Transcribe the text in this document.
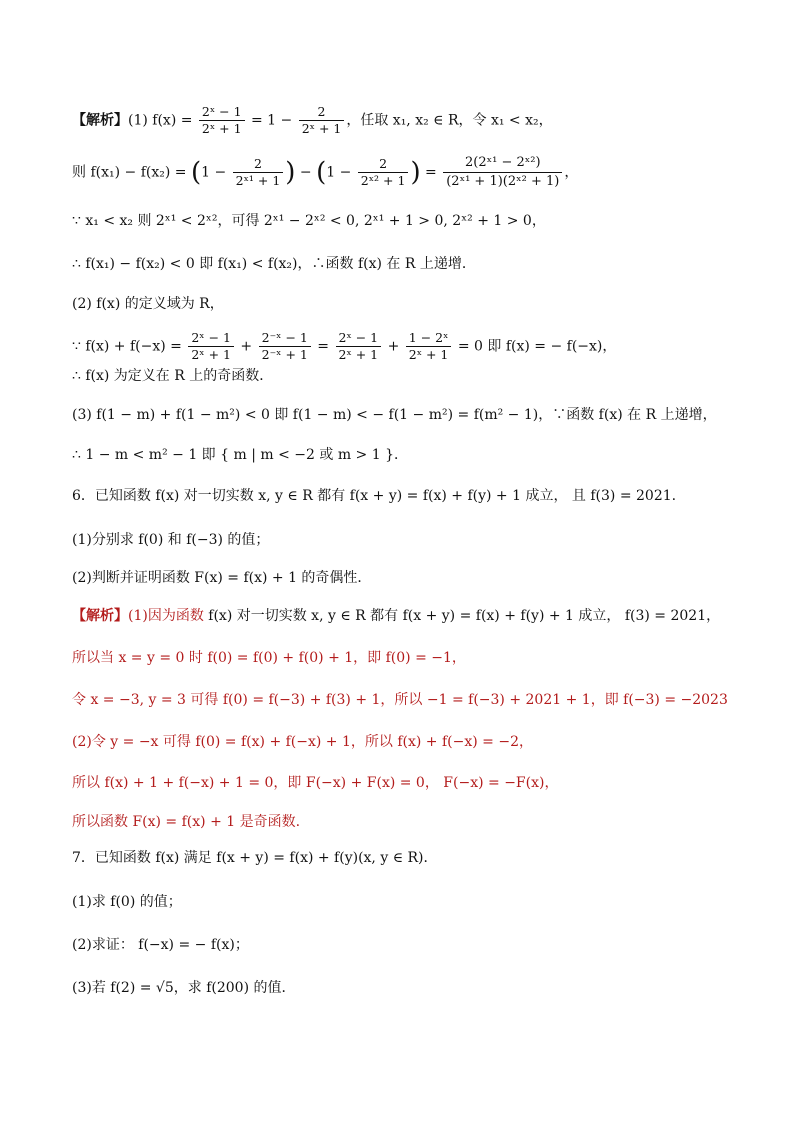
【解析】(1) $f(x) = \frac{\text{2ˣ − 1}}{\text{2ˣ + 1}} = 1 - \frac{2}{\text{2ˣ + 1}}$ ，任取 x₁, x₂ ∈ R，令 x₁ < x₂，
则 $f(x_1) - f(x_2) = (1 - \frac{2}{\text{2ˣ¹ + 1}}$ ) − ($1 - \frac{2}{\text{2ˣ² + 1}}$ ) = $\frac{\text{2(2ˣ¹ − 2ˣ²)}}{\text{(2ˣ¹ + 1)(2ˣ² + 1)}}$ ，
∵ x₁ < x₂ 则 2ˣ¹ < 2ˣ²，可得 2ˣ¹ − 2ˣ² < 0, 2ˣ¹ + 1 > 0, 2ˣ² + 1 > 0，
∴ f(x₁) − f(x₂) < 0 即 f(x₁) < f(x₂)，∴函数 f(x) 在 R 上递增．
(2) f(x) 的定义域为 R，
∵ $f(x) + f(-x) = \frac{\text{2ˣ − 1}}{\text{2ˣ + 1}} + \frac{\text{2⁻ˣ − 1}}{\text{2⁻ˣ + 1}} = \frac{\text{2ˣ − 1}}{\text{2ˣ + 1}} + \frac{\text{1 − 2ˣ}}{\text{2ˣ + 1}} = 0$ 即 f(x) = − f(−x)，
∴ f(x) 为定义在 R 上的奇函数．
(3) f(1 − m) + f(1 − m²) < 0 即 f(1 − m) < − f(1 − m²) = f(m² − 1)，∵函数 f(x) 在 R 上递增，
∴ 1 − m < m² − 1 即 { m | m < −2 或 m > 1 }．
6．已知函数 f(x) 对一切实数 x, y ∈ R 都有 f(x + y) = f(x) + f(y) + 1 成立， 且 f(3) = 2021.
(1)分别求 f(0) 和 f(−3) 的值；
(2)判断并证明函数 F(x) = f(x) + 1 的奇偶性．
【解析】(1)因为函数 f(x) 对一切实数 x, y ∈ R 都有 f(x + y) = f(x) + f(y) + 1 成立， f(3) = 2021，
所以当 x = y = 0 时 f(0) = f(0) + f(0) + 1，即 f(0) = −1，
令 x = −3, y = 3 可得 f(0) = f(−3) + f(3) + 1，所以 −1 = f(−3) + 2021 + 1，即 f(−3) = −2023
(2)令 y = −x 可得 f(0) = f(x) + f(−x) + 1，所以 f(x) + f(−x) = −2，
所以 f(x) + 1 + f(−x) + 1 = 0，即 F(−x) + F(x) = 0， F(−x) = −F(x)，
所以函数 F(x) = f(x) + 1 是奇函数.
7．已知函数 f(x) 满足 f(x + y) = f(x) + f(y)(x, y ∈ R)．
(1)求 f(0) 的值；
(2)求证： f(−x) = − f(x)；
(3)若 f(2) = √5，求 f(200) 的值．
